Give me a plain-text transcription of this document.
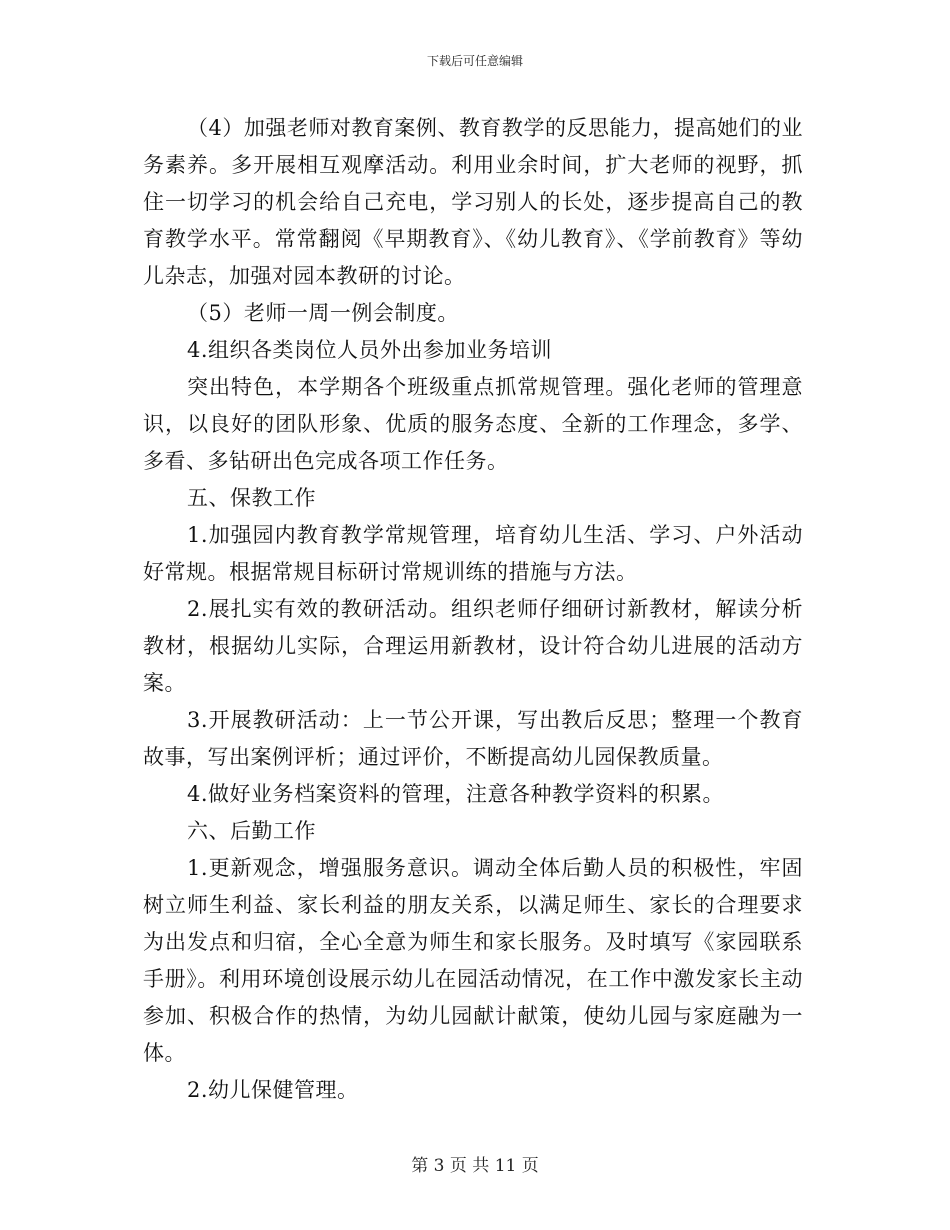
下载后可任意编辑

（4）加强老师对教育案例、教育教学的反思能力，提高她们的业务素养。多开展相互观摩活动。利用业余时间，扩大老师的视野，抓住一切学习的机会给自己充电，学习别人的长处，逐步提高自己的教育教学水平。常常翻阅《早期教育》、《幼儿教育》、《学前教育》等幼儿杂志，加强对园本教研的讨论。

（5）老师一周一例会制度。

4.组织各类岗位人员外出参加业务培训

突出特色，本学期各个班级重点抓常规管理。强化老师的管理意识，以良好的团队形象、优质的服务态度、全新的工作理念，多学、多看、多钻研出色完成各项工作任务。

五、保教工作

1.加强园内教育教学常规管理，培育幼儿生活、学习、户外活动好常规。根据常规目标研讨常规训练的措施与方法。

2.展扎实有效的教研活动。组织老师仔细研讨新教材，解读分析教材，根据幼儿实际，合理运用新教材，设计符合幼儿进展的活动方案。

3.开展教研活动：上一节公开课，写出教后反思；整理一个教育故事，写出案例评析；通过评价，不断提高幼儿园保教质量。

4.做好业务档案资料的管理，注意各种教学资料的积累。

六、后勤工作

1.更新观念，增强服务意识。调动全体后勤人员的积极性，牢固树立师生利益、家长利益的朋友关系，以满足师生、家长的合理要求为出发点和归宿，全心全意为师生和家长服务。及时填写《家园联系手册》。利用环境创设展示幼儿在园活动情况，在工作中激发家长主动参加、积极合作的热情，为幼儿园献计献策，使幼儿园与家庭融为一体。

2.幼儿保健管理。

第 3 页 共 11 页
